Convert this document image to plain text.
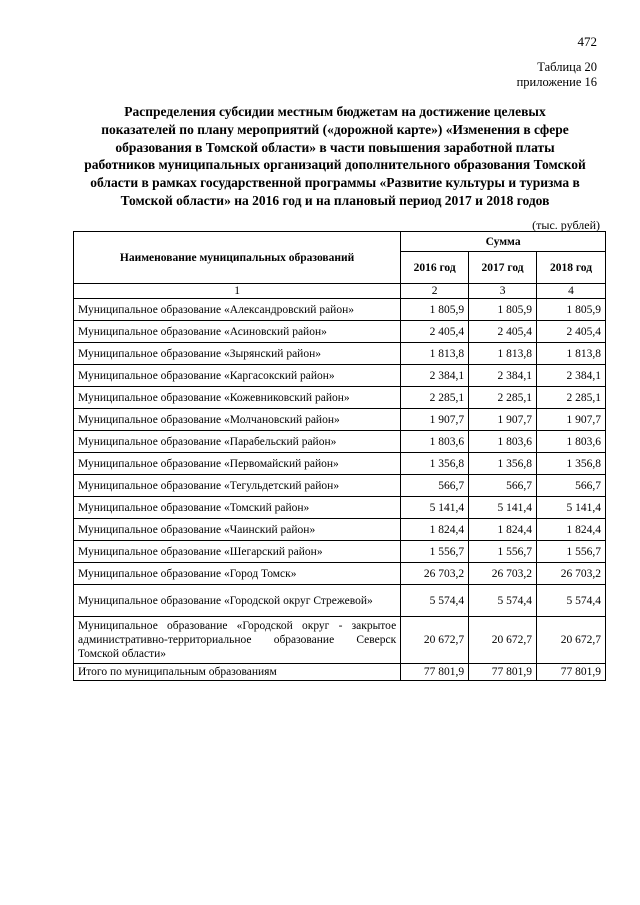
472
Таблица 20
приложение 16
Распределения субсидии местным бюджетам на достижение целевых
показателей по плану мероприятий («дорожной карте») «Изменения в сфере
образования в Томской области» в части повышения заработной платы
работников муниципальных организаций дополнительного образования Томской
области в рамках государственной программы «Развитие культуры и туризма в
Томской области» на 2016 год и на плановый период 2017 и 2018 годов
(тыс. рублей)
Наименование муниципальных образований	Сумма		
	2016 год	2017 год	2018 год
1	2	3	4
Муниципальное образование «Александровский район»	1 805,9	1 805,9	1 805,9
Муниципальное образование «Асиновский район»	2 405,4	2 405,4	2 405,4
Муниципальное образование «Зырянский район»	1 813,8	1 813,8	1 813,8
Муниципальное образование «Каргасокский район»	2 384,1	2 384,1	2 384,1
Муниципальное образование «Кожевниковский район»	2 285,1	2 285,1	2 285,1
Муниципальное образование «Молчановский район»	1 907,7	1 907,7	1 907,7
Муниципальное образование «Парабельский район»	1 803,6	1 803,6	1 803,6
Муниципальное образование «Первомайский район»	1 356,8	1 356,8	1 356,8
Муниципальное образование «Тегульдетский район»	566,7	566,7	566,7
Муниципальное образование «Томский район»	5 141,4	5 141,4	5 141,4
Муниципальное образование «Чаинский район»	1 824,4	1 824,4	1 824,4
Муниципальное образование «Шегарский район»	1 556,7	1 556,7	1 556,7
Муниципальное образование «Город Томск»	26 703,2	26 703,2	26 703,2
Муниципальное образование «Городской округ Стрежевой»	5 574,4	5 574,4	5 574,4
Муниципальное образование «Городской округ - закрытое административно-территориальное образование Северск Томской области»	20 672,7	20 672,7	20 672,7
Итого по муниципальным образованиям	77 801,9	77 801,9	77 801,9
